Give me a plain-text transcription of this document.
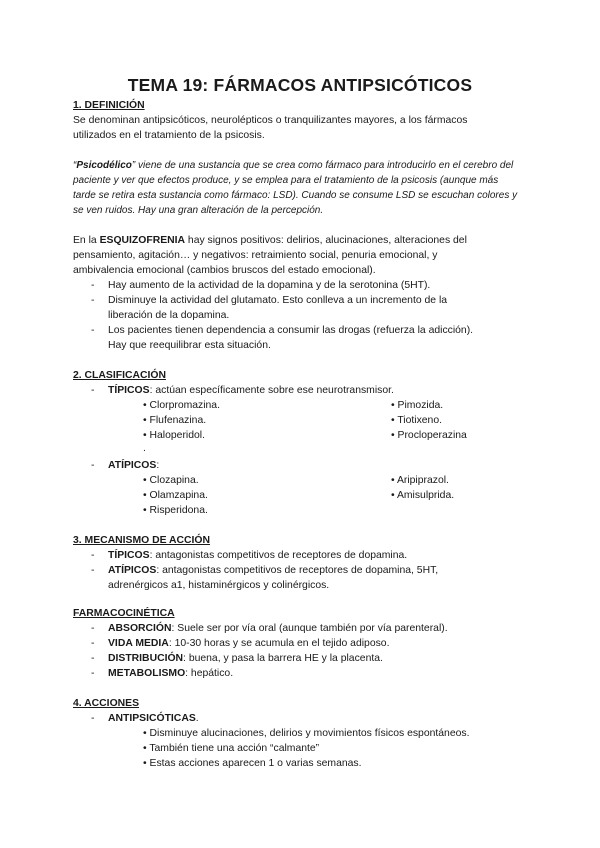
TEMA 19: FÁRMACOS ANTIPSICÓTICOS
1. DEFINICIÓN
Se denominan antipsicóticos, neurolépticos o tranquilizantes mayores, a los fármacos
utilizados en el tratamiento de la psicosis.
“Psicodélico” viene de una sustancia que se crea como fármaco para introducirlo en el cerebro del
paciente y ver que efectos produce, y se emplea para el tratamiento de la psicosis (aunque más
tarde se retira esta sustancia como fármaco: LSD). Cuando se consume LSD se escuchan colores y
se ven ruidos. Hay una gran alteración de la percepción.
En la ESQUIZOFRENIA hay signos positivos: delirios, alucinaciones, alteraciones del
pensamiento, agitación… y negativos: retraimiento social, penuria emocional, y
ambivalencia emocional (cambios bruscos del estado emocional).
- Hay aumento de la actividad de la dopamina y de la serotonina (5HT).
- Disminuye la actividad del glutamato. Esto conlleva a un incremento de la
liberación de la dopamina.
- Los pacientes tienen dependencia a consumir las drogas (refuerza la adicción).
Hay que reequilibrar esta situación.
2. CLASIFICACIÓN
- TÍPICOS: actúan específicamente sobre ese neurotransmisor.
• Clorpromazina.	• Pimozida.
• Flufenazina.	• Tiotixeno.
• Haloperidol.	• Procloperazina
.
- ATÍPICOS:
• Clozapina.	• Aripiprazol.
• Olamzapina.	• Amisulprida.
• Risperidona.
3. MECANISMO DE ACCIÓN
- TÍPICOS: antagonistas competitivos de receptores de dopamina.
- ATÍPICOS: antagonistas competitivos de receptores de dopamina, 5HT,
adrenérgicos a1, histaminérgicos y colinérgicos.
FARMACOCINÉTICA
- ABSORCIÓN: Suele ser por vía oral (aunque también por vía parenteral).
- VIDA MEDIA: 10-30 horas y se acumula en el tejido adiposo.
- DISTRIBUCIÓN: buena, y pasa la barrera HE y la placenta.
- METABOLISMO: hepático.
4. ACCIONES
- ANTIPSICÓTICAS.
• Disminuye alucinaciones, delirios y movimientos físicos espontáneos.
• También tiene una acción “calmante”
• Estas acciones aparecen 1 o varias semanas.
